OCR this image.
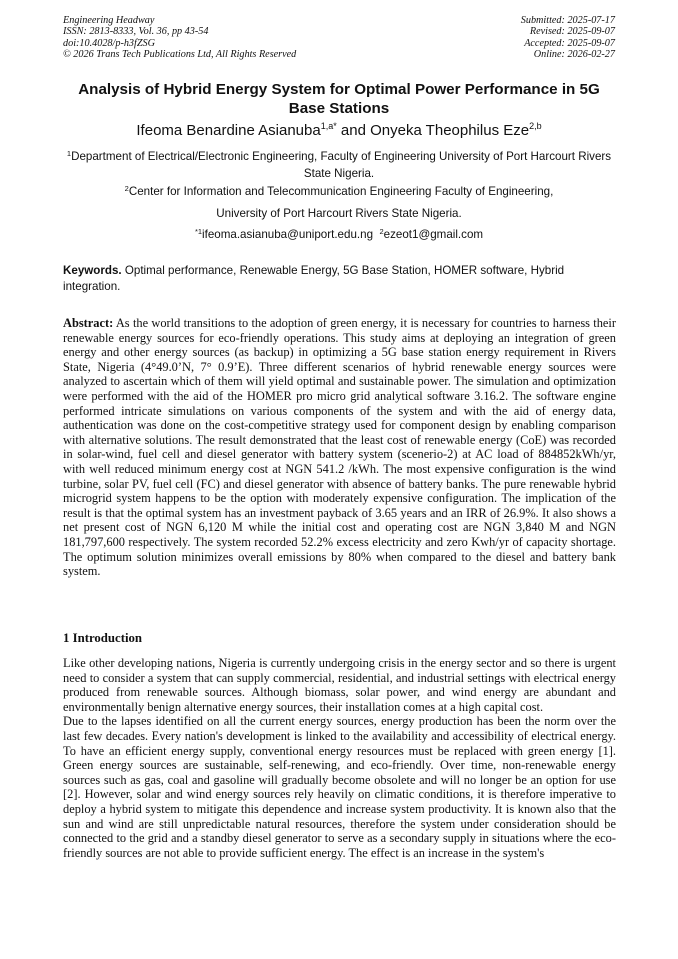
Engineering Headway
ISSN: 2813-8333, Vol. 36, pp 43-54
doi:10.4028/p-h3fZSG
© 2026 Trans Tech Publications Ltd, All Rights Reserved
Submitted: 2025-07-17
Revised: 2025-09-07
Accepted: 2025-09-07
Online: 2026-02-27
Analysis of Hybrid Energy System for Optimal Power Performance in 5G Base Stations
Ifeoma Benardine Asianuba$^{1,a*}$ and Onyeka Theophilus Eze$^{2,b}$
$^1$Department of Electrical/Electronic Engineering, Faculty of Engineering University of Port Harcourt Rivers State Nigeria.
$^2$Center for Information and Telecommunication Engineering Faculty of Engineering,
University of Port Harcourt Rivers State Nigeria.
$^{*1}$ifeoma.asianuba@uniport.edu.ng $^2$ezeot1@gmail.com
Keywords. Optimal performance, Renewable Energy, 5G Base Station, HOMER software, Hybrid integration.
Abstract: As the world transitions to the adoption of green energy, it is necessary for countries to harness their renewable energy sources for eco-friendly operations. This study aims at deploying an integration of green energy and other energy sources (as backup) in optimizing a 5G base station energy requirement in Rivers State, Nigeria (4°49.0’N, 7° 0.9’E). Three different scenarios of hybrid renewable energy sources were analyzed to ascertain which of them will yield optimal and sustainable power. The simulation and optimization were performed with the aid of the HOMER pro micro grid analytical software 3.16.2. The software engine performed intricate simulations on various components of the system and with the aid of energy data, authentication was done on the cost-competitive strategy used for component design by enabling comparison with alternative solutions. The result demonstrated that the least cost of renewable energy (CoE) was recorded in solar-wind, fuel cell and diesel generator with battery system (scenerio-2) at AC load of 884852kWh/yr, with well reduced minimum energy cost at NGN 541.2 /kWh. The most expensive configuration is the wind turbine, solar PV, fuel cell (FC) and diesel generator with absence of battery banks. The pure renewable hybrid microgrid system happens to be the option with moderately expensive configuration. The implication of the result is that the optimal system has an investment payback of 3.65 years and an IRR of 26.9%. It also shows a net present cost of NGN 6,120 M while the initial cost and operating cost are NGN 3,840 M and NGN 181,797,600 respectively. The system recorded 52.2% excess electricity and zero Kwh/yr of capacity shortage. The optimum solution minimizes overall emissions by 80% when compared to the diesel and battery bank system.
1 Introduction

Like other developing nations, Nigeria is currently undergoing crisis in the energy sector and so there is urgent need to consider a system that can supply commercial, residential, and industrial settings with electrical energy produced from renewable sources. Although biomass, solar power, and wind energy are abundant and environmentally benign alternative energy sources, their installation comes at a high capital cost.

Due to the lapses identified on all the current energy sources, energy production has been the norm over the last few decades. Every nation's development is linked to the availability and accessibility of electrical energy. To have an efficient energy supply, conventional energy resources must be replaced with green energy [1]. Green energy sources are sustainable, self-renewing, and eco-friendly. Over time, non-renewable energy sources such as gas, coal and gasoline will gradually become obsolete and will no longer be an option for use [2]. However, solar and wind energy sources rely heavily on climatic conditions, it is therefore imperative to deploy a hybrid system to mitigate this dependence and increase system productivity. It is known also that the sun and wind are still unpredictable natural resources, therefore the system under consideration should be connected to the grid and a standby diesel generator to serve as a secondary supply in situations where the eco-friendly sources are not able to provide sufficient energy. The effect is an increase in the system's
